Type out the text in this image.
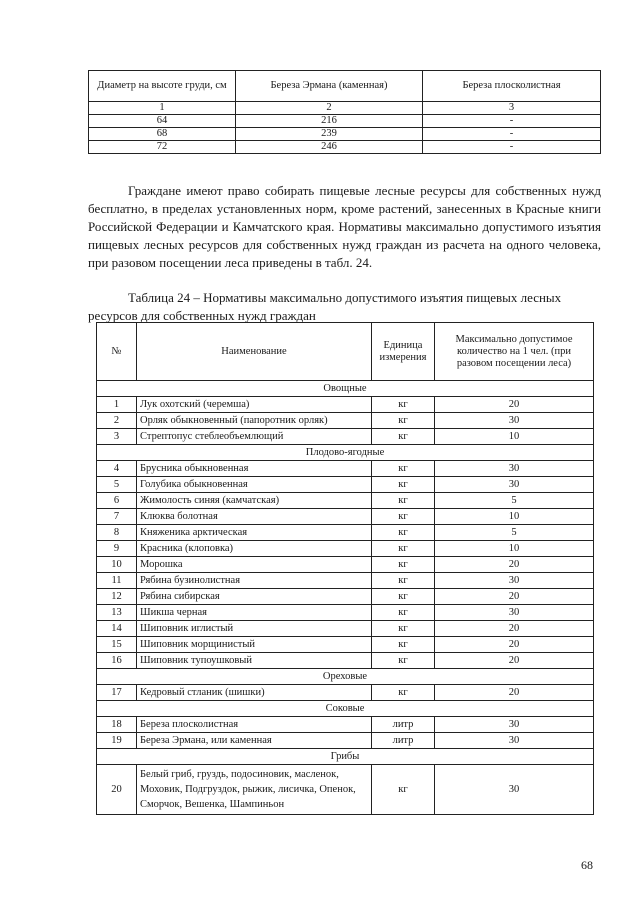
Диаметр на высоте груди, см	Береза Эрмана (каменная)	Береза плосколистная
1	2	3
64	216	-
68	239	-
72	246	-

Граждане имеют право собирать пищевые лесные ресурсы для собственных нужд бесплатно, в пределах установленных норм, кроме растений, занесенных в Красные книги Российской Федерации и Камчатского края. Нормативы максимально допустимого изъятия пищевых лесных ресурсов для собственных нужд граждан из расчета на одного человека, при разовом посещении леса приведены в табл. 24.

Таблица 24 – Нормативы максимально допустимого изъятия пищевых лесных ресурсов для собственных нужд граждан

№	Наименование	Единица измерения	Максимально допустимое количество на 1 чел. (при разовом посещении леса)
Овощные			
1	Лук охотский (черемша)	кг	20
2	Орляк обыкновенный (папоротник орляк)	кг	30
3	Стрептопус стеблеобъемлющий	кг	10
Плодово-ягодные			
4	Брусника обыкновенная	кг	30
5	Голубика обыкновенная	кг	30
6	Жимолость синяя (камчатская)	кг	5
7	Клюква болотная	кг	10
8	Княженика арктическая	кг	5
9	Красника (клоповка)	кг	10
10	Морошка	кг	20
11	Рябина бузинолистная	кг	30
12	Рябина сибирская	кг	20
13	Шикша черная	кг	30
14	Шиповник иглистый	кг	20
15	Шиповник морщинистый	кг	20
16	Шиповник тупоушковый	кг	20
Ореховые			
17	Кедровый стланик (шишки)	кг	20
Соковые			
18	Береза плосколистная	литр	30
19	Береза Эрмана, или каменная	литр	30
Грибы			
20	Белый гриб, груздь, подосиновик, масленок, Моховик, Подгруздок, рыжик, лисичка, Опенок, Сморчок, Вешенка, Шампиньон	кг	30
68
